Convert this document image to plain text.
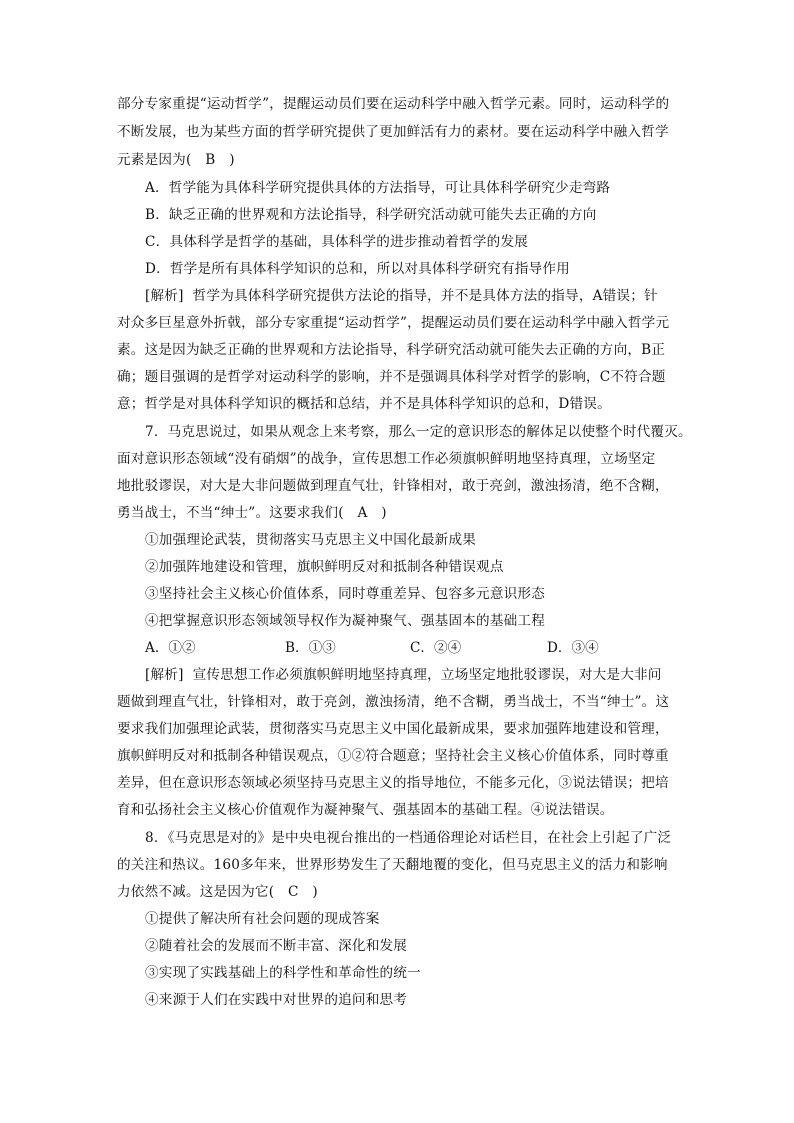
部分专家重提“运动哲学”，提醒运动员们要在运动科学中融入哲学元素。同时，运动科学的
不断发展，也为某些方面的哲学研究提供了更加鲜活有力的素材。要在运动科学中融入哲学
元素是因为(　B　)
A．哲学能为具体科学研究提供具体的方法指导，可让具体科学研究少走弯路
B．缺乏正确的世界观和方法论指导，科学研究活动就可能失去正确的方向
C．具体科学是哲学的基础，具体科学的进步推动着哲学的发展
D．哲学是所有具体科学知识的总和，所以对具体科学研究有指导作用
[解析] 哲学为具体科学研究提供方法论的指导，并不是具体方法的指导，A错误；针
对众多巨星意外折戟，部分专家重提“运动哲学”，提醒运动员们要在运动科学中融入哲学元
素。这是因为缺乏正确的世界观和方法论指导，科学研究活动就可能失去正确的方向，B正
确；题目强调的是哲学对运动科学的影响，并不是强调具体科学对哲学的影响，C不符合题
意；哲学是对具体科学知识的概括和总结，并不是具体科学知识的总和，D错误。
7．马克思说过，如果从观念上来考察，那么一定的意识形态的解体足以使整个时代覆灭。
面对意识形态领域“没有硝烟”的战争，宣传思想工作必须旗帜鲜明地坚持真理，立场坚定
地批驳谬误，对大是大非问题做到理直气壮，针锋相对，敢于亮剑，激浊扬清，绝不含糊，
勇当战士，不当“绅士”。这要求我们(　A　)
①加强理论武装，贯彻落实马克思主义中国化最新成果
②加强阵地建设和管理，旗帜鲜明反对和抵制各种错误观点
③坚持社会主义核心价值体系，同时尊重差异、包容多元意识形态
④把掌握意识形态领域领导权作为凝神聚气、强基固本的基础工程
A．①②	B．①③	C．②④	D．③④
[解析] 宣传思想工作必须旗帜鲜明地坚持真理，立场坚定地批驳谬误，对大是大非问
题做到理直气壮，针锋相对，敢于亮剑，激浊扬清，绝不含糊，勇当战士，不当“绅士”。这
要求我们加强理论武装，贯彻落实马克思主义中国化最新成果，要求加强阵地建设和管理，
旗帜鲜明反对和抵制各种错误观点，①②符合题意；坚持社会主义核心价值体系，同时尊重
差异，但在意识形态领域必须坚持马克思主义的指导地位，不能多元化，③说法错误；把培
育和弘扬社会主义核心价值观作为凝神聚气、强基固本的基础工程。④说法错误。
8．《马克思是对的》是中央电视台推出的一档通俗理论对话栏目，在社会上引起了广泛
的关注和热议。160多年来，世界形势发生了天翻地覆的变化，但马克思主义的活力和影响
力依然不减。这是因为它(　C　)
①提供了解决所有社会问题的现成答案
②随着社会的发展而不断丰富、深化和发展
③实现了实践基础上的科学性和革命性的统一
④来源于人们在实践中对世界的追问和思考
